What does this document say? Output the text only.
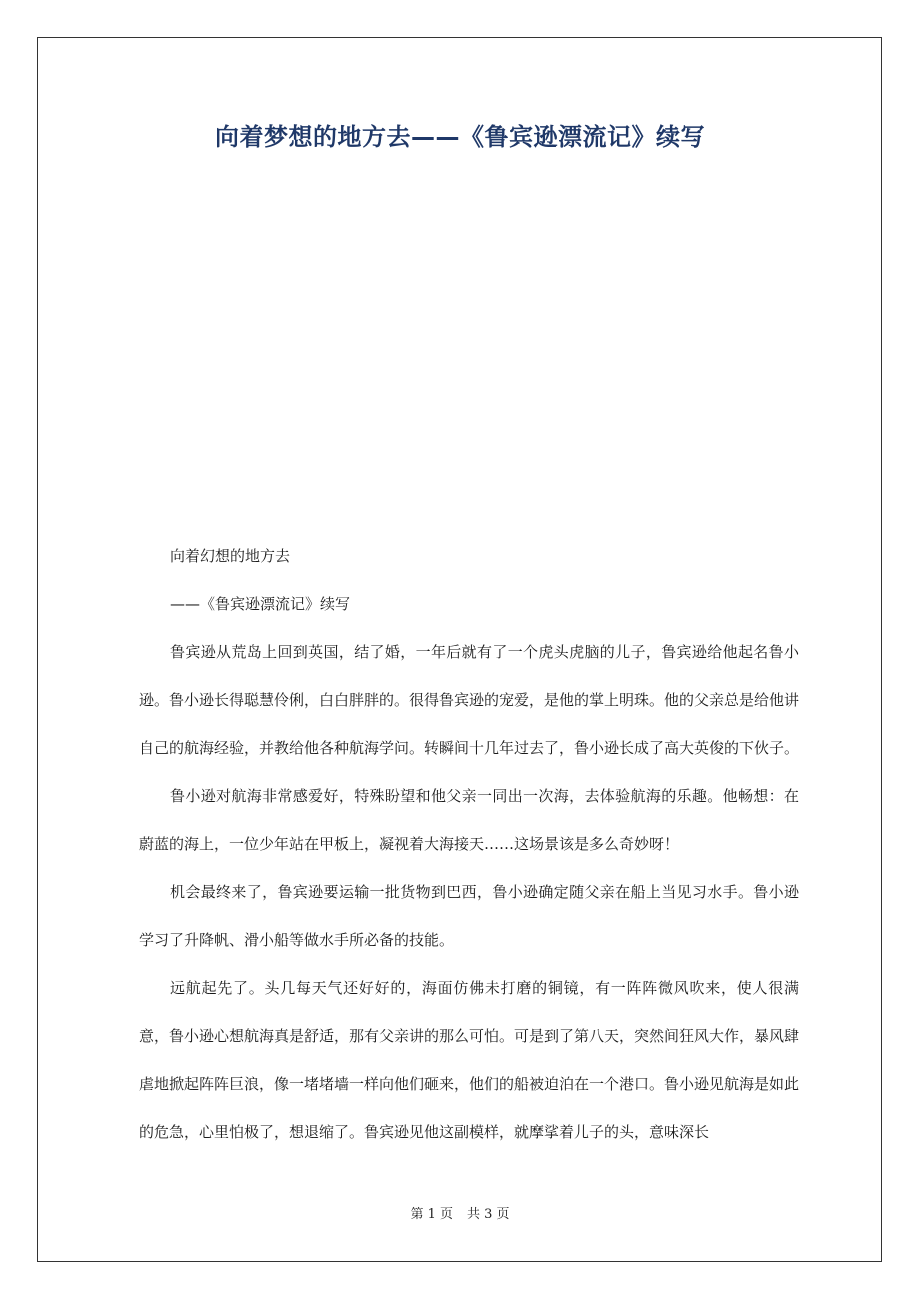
向着梦想的地方去——《鲁宾逊漂流记》续写

向着幻想的地方去

——《鲁宾逊漂流记》续写

鲁宾逊从荒岛上回到英国，结了婚，一年后就有了一个虎头虎脑的儿子，鲁宾逊给他起名鲁小逊。鲁小逊长得聪慧伶俐，白白胖胖的。很得鲁宾逊的宠爱，是他的掌上明珠。他的父亲总是给他讲自己的航海经验，并教给他各种航海学问。转瞬间十几年过去了，鲁小逊长成了高大英俊的下伙子。

鲁小逊对航海非常感爱好，特殊盼望和他父亲一同出一次海，去体验航海的乐趣。他畅想：在蔚蓝的海上，一位少年站在甲板上，凝视着大海接天……这场景该是多么奇妙呀！

机会最终来了，鲁宾逊要运输一批货物到巴西，鲁小逊确定随父亲在船上当见习水手。鲁小逊学习了升降帆、滑小船等做水手所必备的技能。

远航起先了。头几每天气还好好的，海面仿佛未打磨的铜镜，有一阵阵微风吹来，使人很满意，鲁小逊心想航海真是舒适，那有父亲讲的那么可怕。可是到了第八天，突然间狂风大作，暴风肆虐地掀起阵阵巨浪，像一堵堵墙一样向他们砸来，他们的船被迫泊在一个港口。鲁小逊见航海是如此的危急，心里怕极了，想退缩了。鲁宾逊见他这副模样，就摩挲着儿子的头，意味深长

第 1 页 共 3 页
